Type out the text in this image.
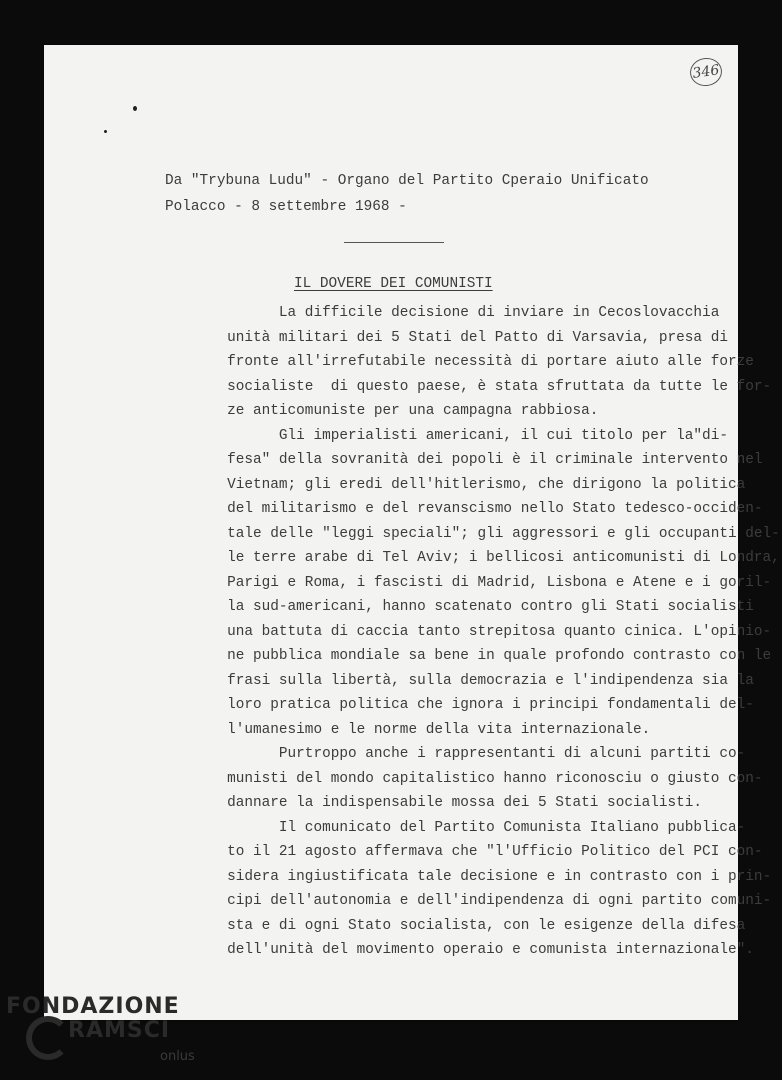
346

Da "Trybuna Ludu" - Organo del Partito Cperaio Unificato

Polacco - 8 settembre 1968 -

IL DOVERE DEI COMUNISTI

La difficile decisione di inviare in Cecoslovacchia

unità militari dei 5 Stati del Patto di Varsavia, presa di

fronte all'irrefutabile necessità di portare aiuto alle forze

socialiste  di questo paese, è stata sfruttata da tutte le for-

ze anticomuniste per una campagna rabbiosa.

Gli imperialisti americani, il cui titolo per la"di-

fesa" della sovranità dei popoli è il criminale intervento nel

Vietnam; gli eredi dell'hitlerismo, che dirigono la politica

del militarismo e del revanscismo nello Stato tedesco-occiden-

tale delle "leggi speciali"; gli aggressori e gli occupanti del-

le terre arabe di Tel Aviv; i bellicosi anticomunisti di Londra,

Parigi e Roma, i fascisti di Madrid, Lisbona e Atene e i goril-

la sud-americani, hanno scatenato contro gli Stati socialisti

una battuta di caccia tanto strepitosa quanto cinica. L'opinio-

ne pubblica mondiale sa bene in quale profondo contrasto con le

frasi sulla libertà, sulla democrazia e l'indipendenza sia la

loro pratica politica che ignora i principi fondamentali del-

l'umanesimo e le norme della vita internazionale.

Purtroppo anche i rappresentanti di alcuni partiti co-

munisti del mondo capitalistico hanno riconosciu o giusto con-

dannare la indispensabile mossa dei 5 Stati socialisti.

Il comunicato del Partito Comunista Italiano pubblica-

to il 21 agosto affermava che "l'Ufficio Politico del PCI con-

sidera ingiustificata tale decisione e in contrasto con i prin-

cipi dell'autonomia e dell'indipendenza di ogni partito comuni-

sta e di ogni Stato socialista, con le esigenze della difesa

dell'unità del movimento operaio e comunista internazionale".

FONDAZIONE
RAMSCI
onlus
